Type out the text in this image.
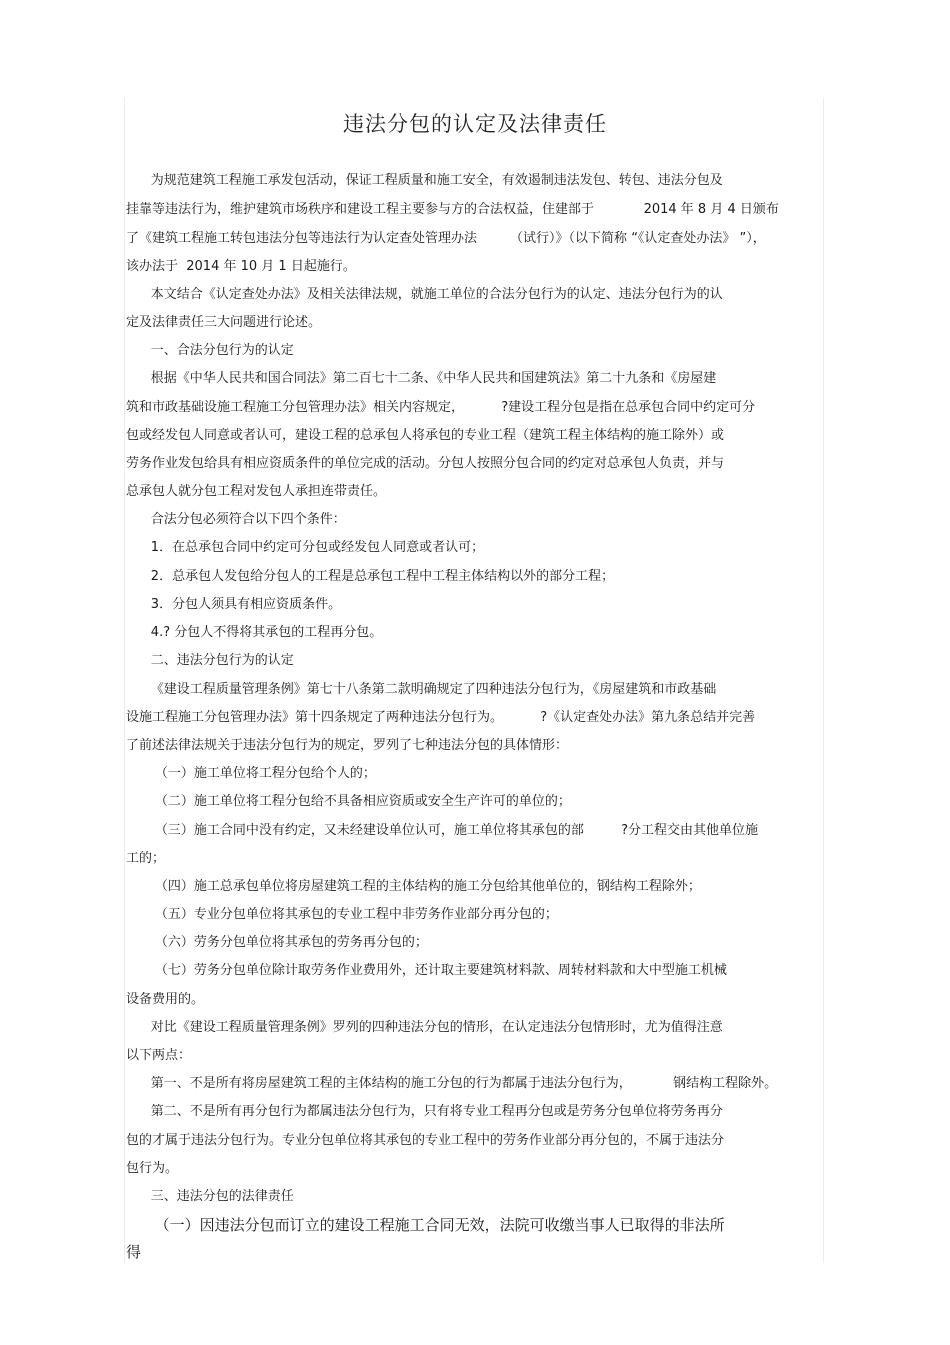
违法分包的认定及法律责任
为规范建筑工程施工承发包活动，保证工程质量和施工安全，有效遏制违法发包、转包、违法分包及
挂靠等违法行为，维护建筑市场秩序和建设工程主要参与方的合法权益，住建部于            2014 年 8 月 4 日颁布
了《建筑工程施工转包违法分包等违法行为认定查处管理办法        （试行）》（以下简称 “《认定查处办法》 ”），
该办法于  2014 年 10 月 1 日起施行。
本文结合《认定查处办法》及相关法律法规，就施工单位的合法分包行为的认定、违法分包行为的认
定及法律责任三大问题进行论述。
一、合法分包行为的认定
根据《中华人民共和国合同法》第二百七十二条、《中华人民共和国建筑法》第二十九条和《房屋建
筑和市政基础设施工程施工分包管理办法》相关内容规定，         ?建设工程分包是指在总承包合同中约定可分
包或经发包人同意或者认可，建设工程的总承包人将承包的专业工程（建筑工程主体结构的施工除外）或
劳务作业发包给具有相应资质条件的单位完成的活动。分包人按照分包合同的约定对总承包人负责，并与
总承包人就分包工程对发包人承担连带责任。
合法分包必须符合以下四个条件：
1．在总承包合同中约定可分包或经发包人同意或者认可；
2．总承包人发包给分包人的工程是总承包工程中工程主体结构以外的部分工程；
3．分包人须具有相应资质条件。
4.? 分包人不得将其承包的工程再分包。
二、违法分包行为的认定
《建设工程质量管理条例》第七十八条第二款明确规定了四种违法分包行为，《房屋建筑和市政基础
设施工程施工分包管理办法》第十四条规定了两种违法分包行为。         ?《认定查处办法》第九条总结并完善
了前述法律法规关于违法分包行为的规定，罗列了七种违法分包的具体情形：
（一）施工单位将工程分包给个人的；
（二）施工单位将工程分包给不具备相应资质或安全生产许可的单位的；
（三）施工合同中没有约定，又未经建设单位认可，施工单位将其承包的部         ?分工程交由其他单位施
工的；
（四）施工总承包单位将房屋建筑工程的主体结构的施工分包给其他单位的，钢结构工程除外；
（五）专业分包单位将其承包的专业工程中非劳务作业部分再分包的；
（六）劳务分包单位将其承包的劳务再分包的；
（七）劳务分包单位除计取劳务作业费用外，还计取主要建筑材料款、周转材料款和大中型施工机械
设备费用的。
对比《建设工程质量管理条例》罗列的四种违法分包的情形，在认定违法分包情形时，尤为值得注意
以下两点：
第一、不是所有将房屋建筑工程的主体结构的施工分包的行为都属于违法分包行为，          钢结构工程除外。
第二、不是所有再分包行为都属违法分包行为，只有将专业工程再分包或是劳务分包单位将劳务再分
包的才属于违法分包行为。专业分包单位将其承包的专业工程中的劳务作业部分再分包的，不属于违法分
包行为。
三、违法分包的法律责任
（一）因违法分包而订立的建设工程施工合同无效，法院可收缴当事人已取得的非法所
得
